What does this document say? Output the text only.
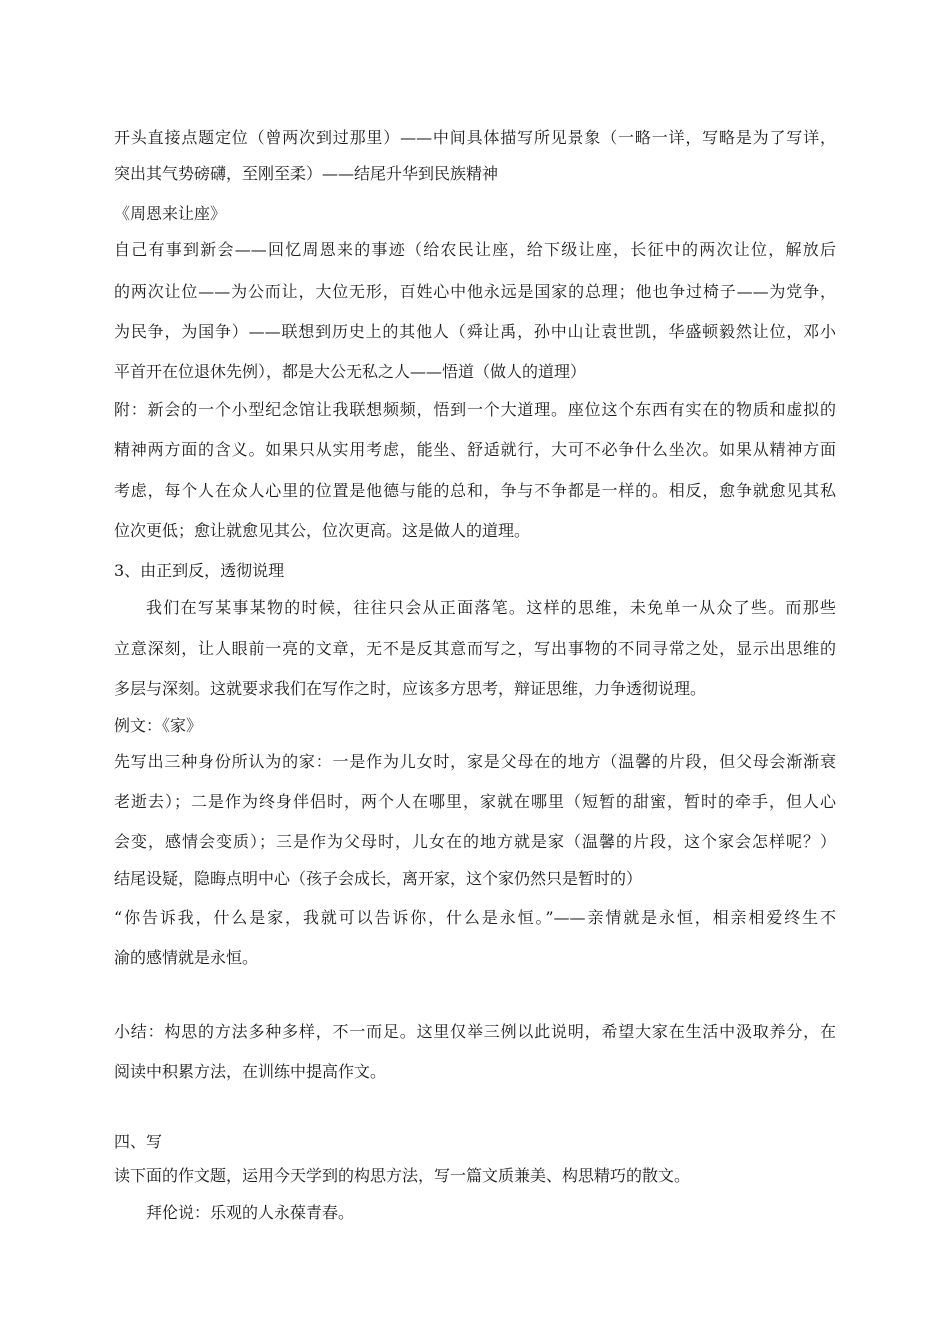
开头直接点题定位（曾两次到过那里）——中间具体描写所见景象（一略一详，写略是为了写详，
突出其气势磅礴，至刚至柔）——结尾升华到民族精神
《周恩来让座》
自己有事到新会——回忆周恩来的事迹（给农民让座，给下级让座，长征中的两次让位，解放后
的两次让位——为公而让，大位无形，百姓心中他永远是国家的总理；他也争过椅子——为党争，
为民争，为国争）——联想到历史上的其他人（舜让禹，孙中山让袁世凯，华盛顿毅然让位，邓小
平首开在位退休先例），都是大公无私之人——悟道（做人的道理）
附：新会的一个小型纪念馆让我联想频频，悟到一个大道理。座位这个东西有实在的物质和虚拟的
精神两方面的含义。如果只从实用考虑，能坐、舒适就行，大可不必争什么坐次。如果从精神方面
考虑，每个人在众人心里的位置是他德与能的总和，争与不争都是一样的。相反，愈争就愈见其私
位次更低；愈让就愈见其公，位次更高。这是做人的道理。
3、由正到反，透彻说理
我们在写某事某物的时候，往往只会从正面落笔。这样的思维，未免单一从众了些。而那些
立意深刻，让人眼前一亮的文章，无不是反其意而写之，写出事物的不同寻常之处，显示出思维的
多层与深刻。这就要求我们在写作之时，应该多方思考，辩证思维，力争透彻说理。
例文：《家》
先写出三种身份所认为的家：一是作为儿女时，家是父母在的地方（温馨的片段，但父母会渐渐衰
老逝去）；二是作为终身伴侣时，两个人在哪里，家就在哪里（短暂的甜蜜，暂时的牵手，但人心
会变，感情会变质）；三是作为父母时，儿女在的地方就是家（温馨的片段，这个家会怎样呢？）
结尾设疑，隐晦点明中心（孩子会成长，离开家，这个家仍然只是暂时的）
“你告诉我，什么是家，我就可以告诉你，什么是永恒。”——亲情就是永恒，相亲相爱终生不
渝的感情就是永恒。
小结：构思的方法多种多样，不一而足。这里仅举三例以此说明，希望大家在生活中汲取养分，在
阅读中积累方法，在训练中提高作文。
四、写
读下面的作文题，运用今天学到的构思方法，写一篇文质兼美、构思精巧的散文。
拜伦说：乐观的人永葆青春。
